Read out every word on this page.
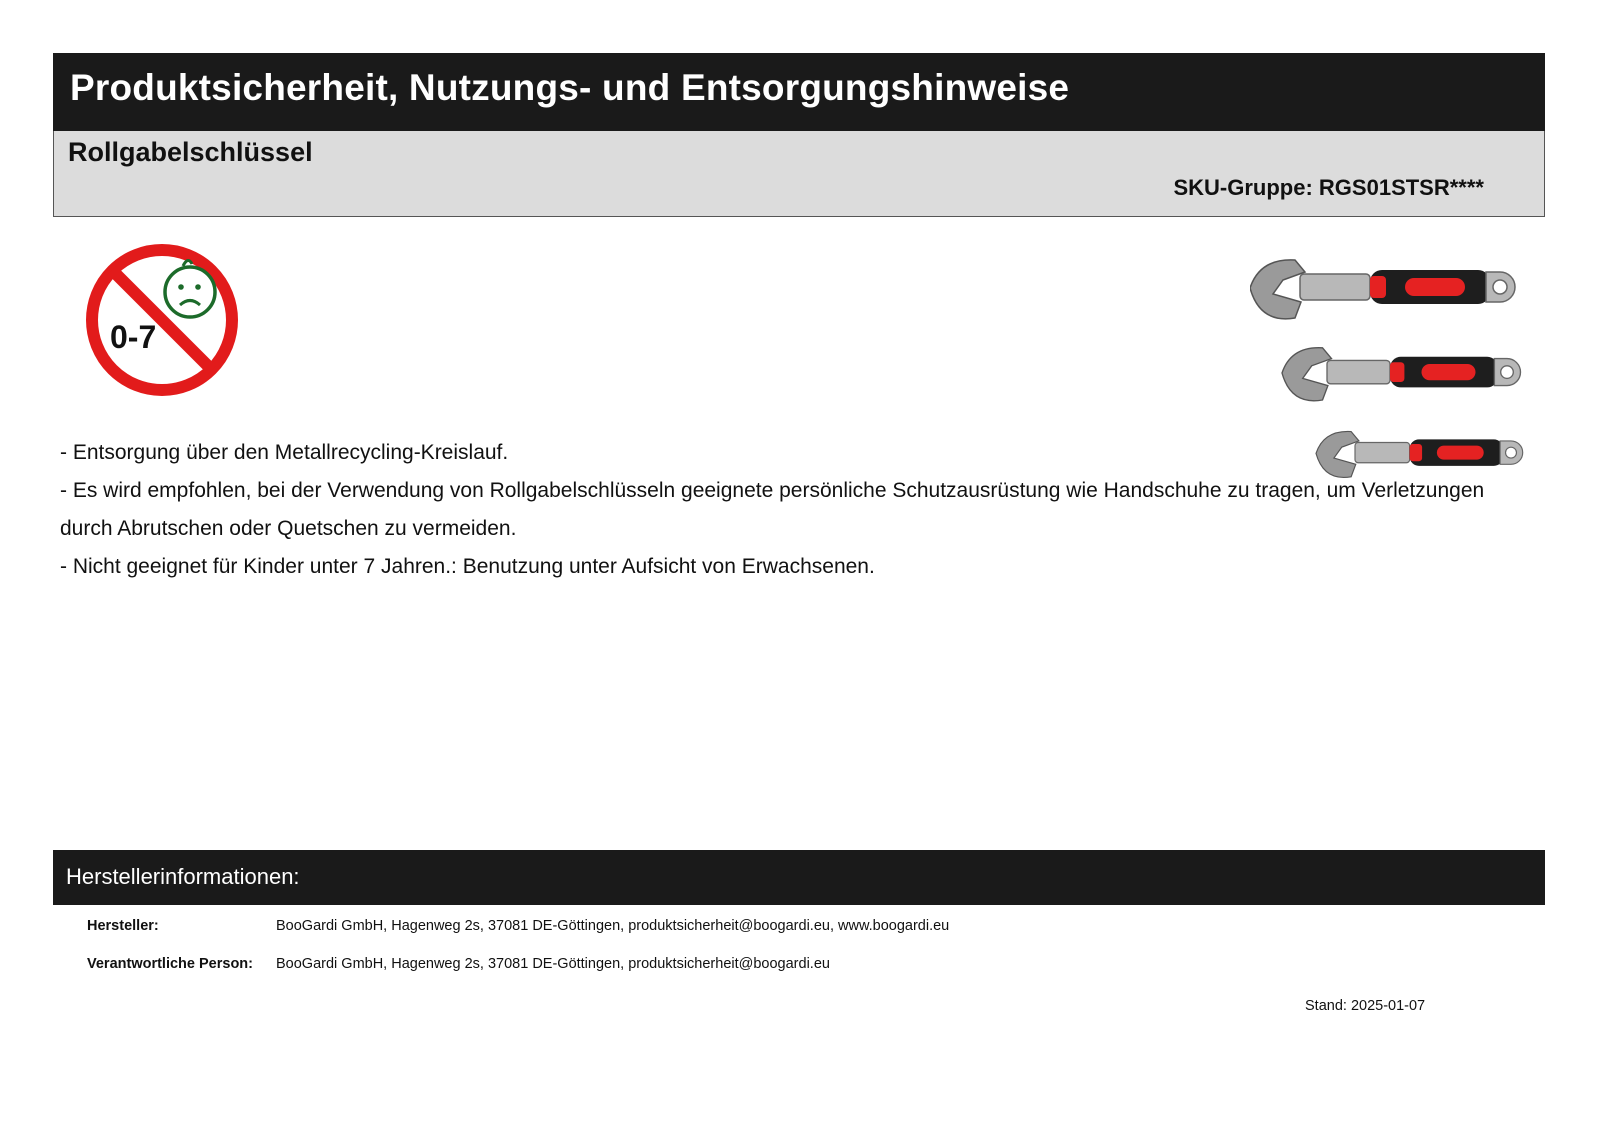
Produktsicherheit, Nutzungs- und Entsorgungshinweise
Rollgabelschlüssel
SKU-Gruppe: RGS01STSR****
0-7

- Entsorgung über den Metallrecycling-Kreislauf.

- Es wird empfohlen, bei der Verwendung von Rollgabelschlüsseln geeignete persönliche Schutzausrüstung wie Handschuhe zu tragen, um Verletzungen durch Abrutschen oder Quetschen zu vermeiden.

- Nicht geeignet für Kinder unter 7 Jahren.: Benutzung unter Aufsicht von Erwachsenen.

Herstellerinformationen:
Hersteller:	BooGardi GmbH, Hagenweg 2s, 37081 DE-Göttingen, produktsicherheit@boogardi.eu, www.boogardi.eu
Verantwortliche Person: BooGardi GmbH, Hagenweg 2s, 37081 DE-Göttingen, produktsicherheit@boogardi.eu
Stand: 2025-01-07
